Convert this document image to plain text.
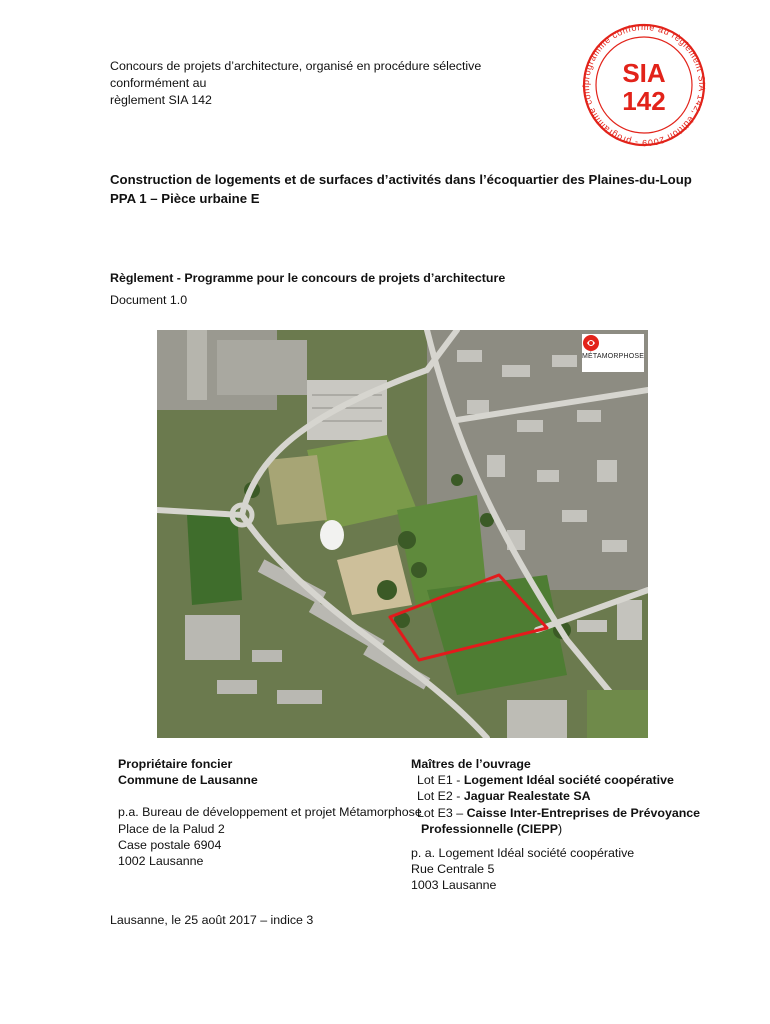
Concours de projets d’architecture, organisé en procédure sélective conformément au
règlement SIA 142
programme conforme au règlement SIA 142, édition 2009 - programme conf	SIA
142
Construction de logements et de surfaces d’activités dans l’écoquartier des Plaines-du-Loup
PPA 1 – Pièce urbaine E
Règlement - Programme pour le concours de projets d’architecture
Document 1.0
MÉTAMORPHOSE
Propriétaire foncier
Commune de Lausanne
p.a. Bureau de développement et projet Métamorphose
Place de la Palud 2
Case postale 6904
1002 Lausanne
Maîtres de l’ouvrage
Lot E1 - Logement Idéal société coopérative
Lot E2 - Jaguar Realestate SA
Lot E3 – Caisse Inter-Entreprises de Prévoyance
Professionnelle (CIEPP)
p. a. Logement Idéal société coopérative
Rue Centrale 5
1003 Lausanne
Lausanne, le 25 août 2017 – indice 3
